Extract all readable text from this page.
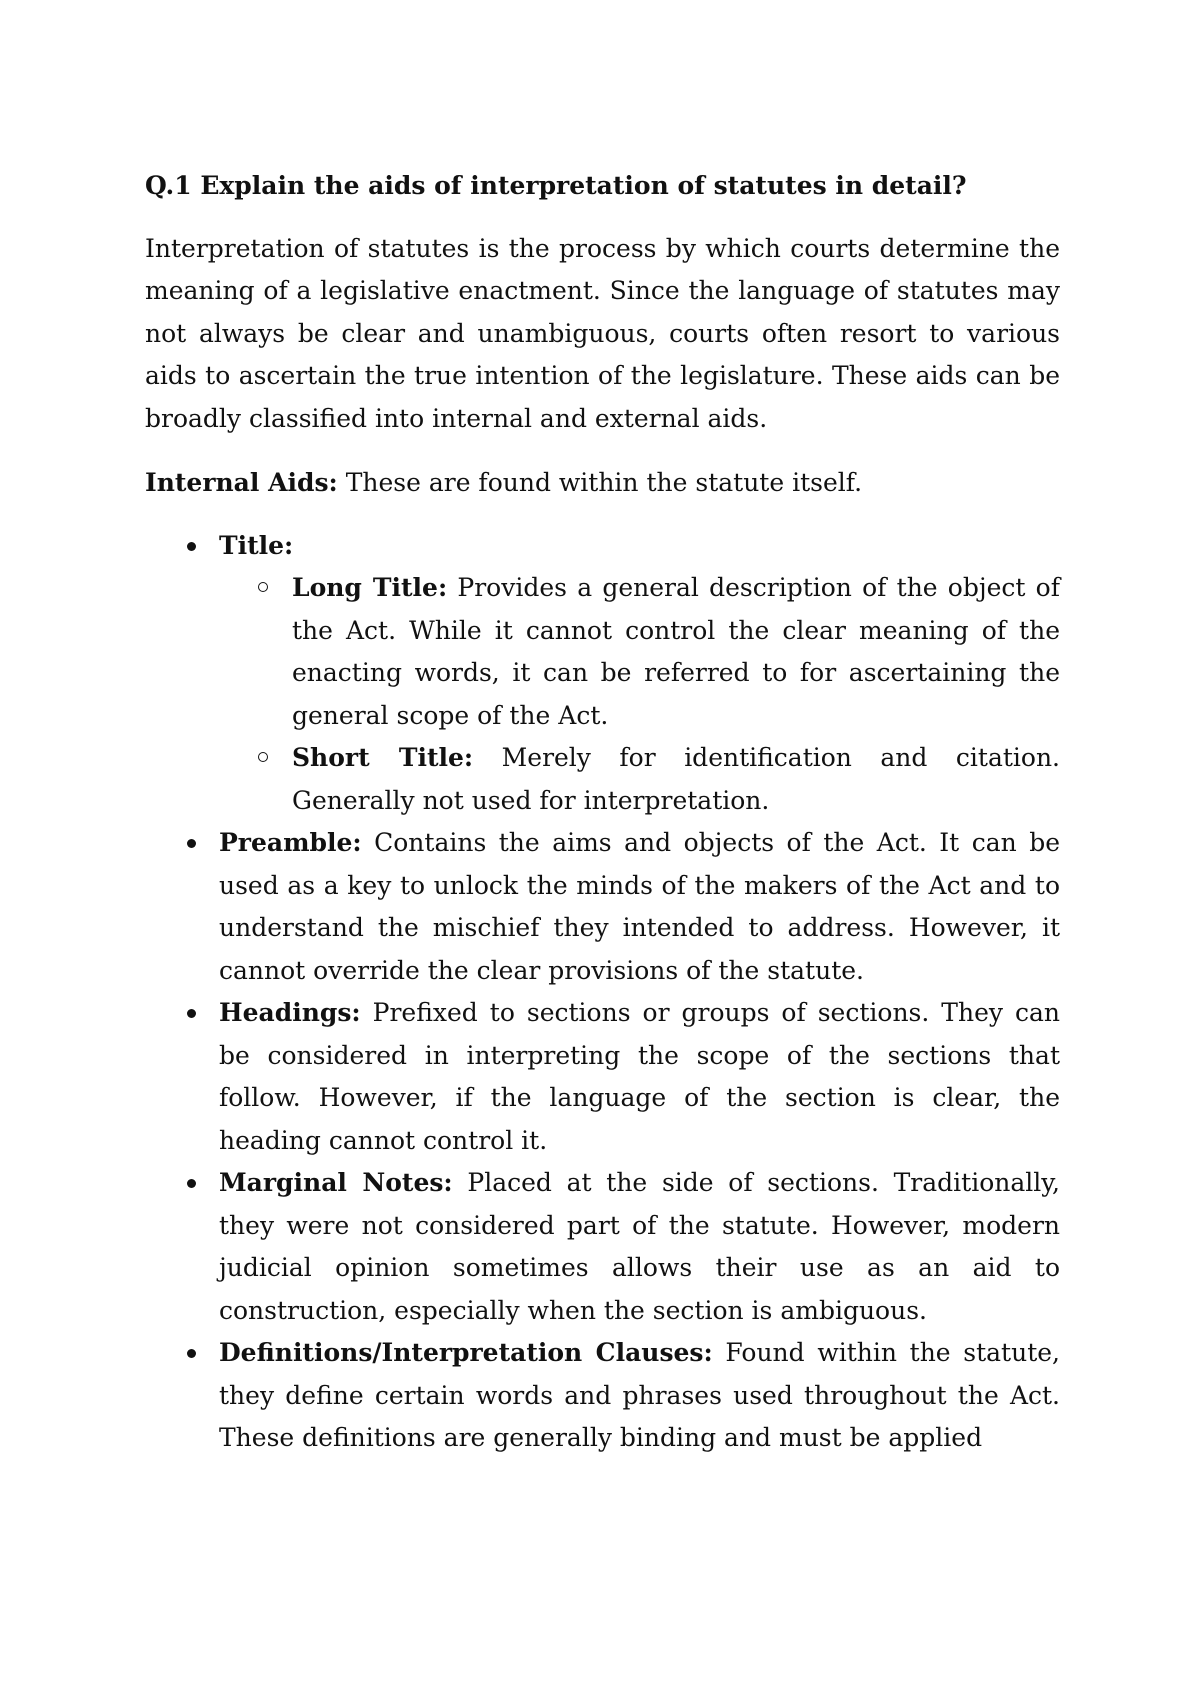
Q.1 Explain the aids of interpretation of statutes in detail?

Interpretation of statutes is the process by which courts determine the meaning of a legislative enactment. Since the language of statutes may not always be clear and unambiguous, courts often resort to various aids to ascertain the true intention of the legislature. These aids can be broadly classified into internal and external aids.

Internal Aids: These are found within the statute itself.

Title:
Long Title: Provides a general description of the object of the Act. While it cannot control the clear meaning of the enacting words, it can be referred to for ascertaining the general scope of the Act.
Short Title: Merely for identification and citation. Generally not used for interpretation.
Preamble: Contains the aims and objects of the Act. It can be used as a key to unlock the minds of the makers of the Act and to understand the mischief they intended to address. However, it cannot override the clear provisions of the statute.
Headings: Prefixed to sections or groups of sections. They can be considered in interpreting the scope of the sections that follow. However, if the language of the section is clear, the heading cannot control it.
Marginal Notes: Placed at the side of sections. Traditionally, they were not considered part of the statute. However, modern judicial opinion sometimes allows their use as an aid to construction, especially when the section is ambiguous.
Definitions/Interpretation Clauses: Found within the statute, they define certain words and phrases used throughout the Act. These definitions are generally binding and must be applied
